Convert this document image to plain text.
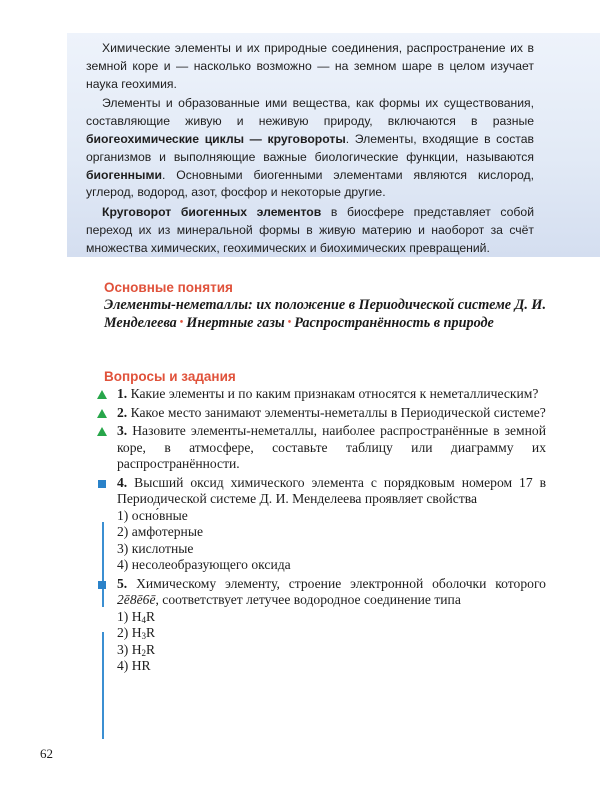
Химические элементы и их природные соединения, распространение их в земной коре и — насколько возможно — на земном шаре в целом изучает наука геохимия.

Элементы и образованные ими вещества, как формы их существования, составляющие живую и неживую природу, включаются в разные биогеохимические циклы — круговороты. Элементы, входящие в состав организмов и выполняющие важные биологические функции, называются биогенными. Основными биогенными элементами являются кислород, углерод, водород, азот, фосфор и некоторые другие.

Круговорот биогенных элементов в биосфере представляет собой переход их из минеральной формы в живую материю и наоборот за счёт множества химических, геохимических и биохимических превращений.

Основные понятия
Элементы-неметаллы: их положение в Периодической системе Д. И. Менделеева • Инертные газы • Распространённость в природе
Вопросы и задания
1. Какие элементы и по каким признакам относятся к неметаллическим?
2. Какое место занимают элементы-неметаллы в Периодической системе?
3. Назовите элементы-неметаллы, наиболее распространённые в земной коре, в атмосфере, составьте таблицу или диаграмму их распространённости.
4. Высший оксид химического элемента с порядковым номером 17 в Периодической системе Д. И. Менделеева проявляет свойства

1) осно́вные

2) амфотерные

3) кислотные

4) несолеобразующего оксида

5. Химическому элементу, строение электронной оболочки которого 2ē8ē6ē, соответствует летучее водородное соединение типа

1) $H_4R$

2) $H_3R$

3) $H_2R$

4) HR

62
